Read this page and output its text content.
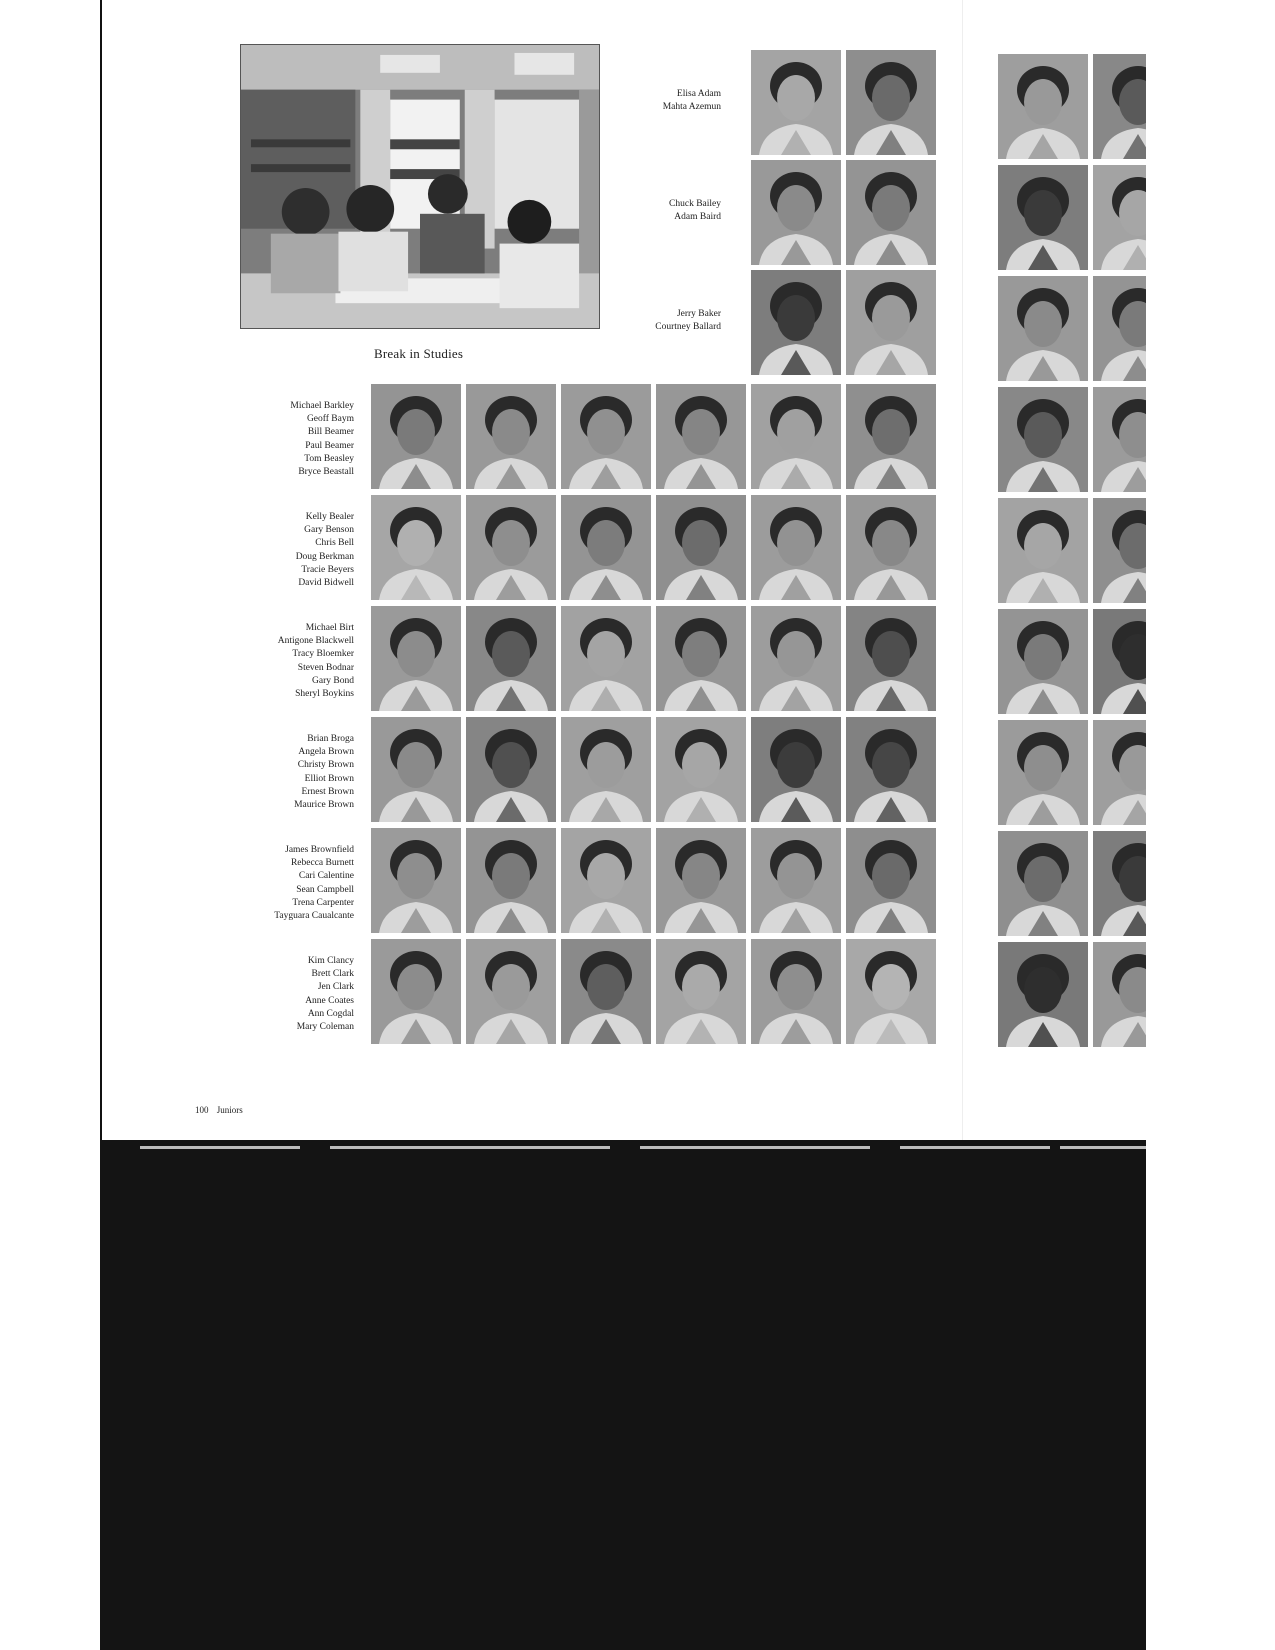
Break in Studies
Elisa Adam
Mahta Azemun
Chuck Bailey
Adam Baird
Jerry Baker
Courtney Ballard
Michael Barkley
Geoff Baym
Bill Beamer
Paul Beamer
Tom Beasley
Bryce Beastall
Kelly Bealer
Gary Benson
Chris Bell
Doug Berkman
Tracie Beyers
David Bidwell
Michael Birt
Antigone Blackwell
Tracy Bloemker
Steven Bodnar
Gary Bond
Sheryl Boykins
Brian Broga
Angela Brown
Christy Brown
Elliot Brown
Ernest Brown
Maurice Brown
James Brownfield
Rebecca Burnett
Cari Calentine
Sean Campbell
Trena Carpenter
Tayguara Caualcante
Kim Clancy
Brett Clark
Jen Clark
Anne Coates
Ann Cogdal
Mary Coleman
100 Juniors
